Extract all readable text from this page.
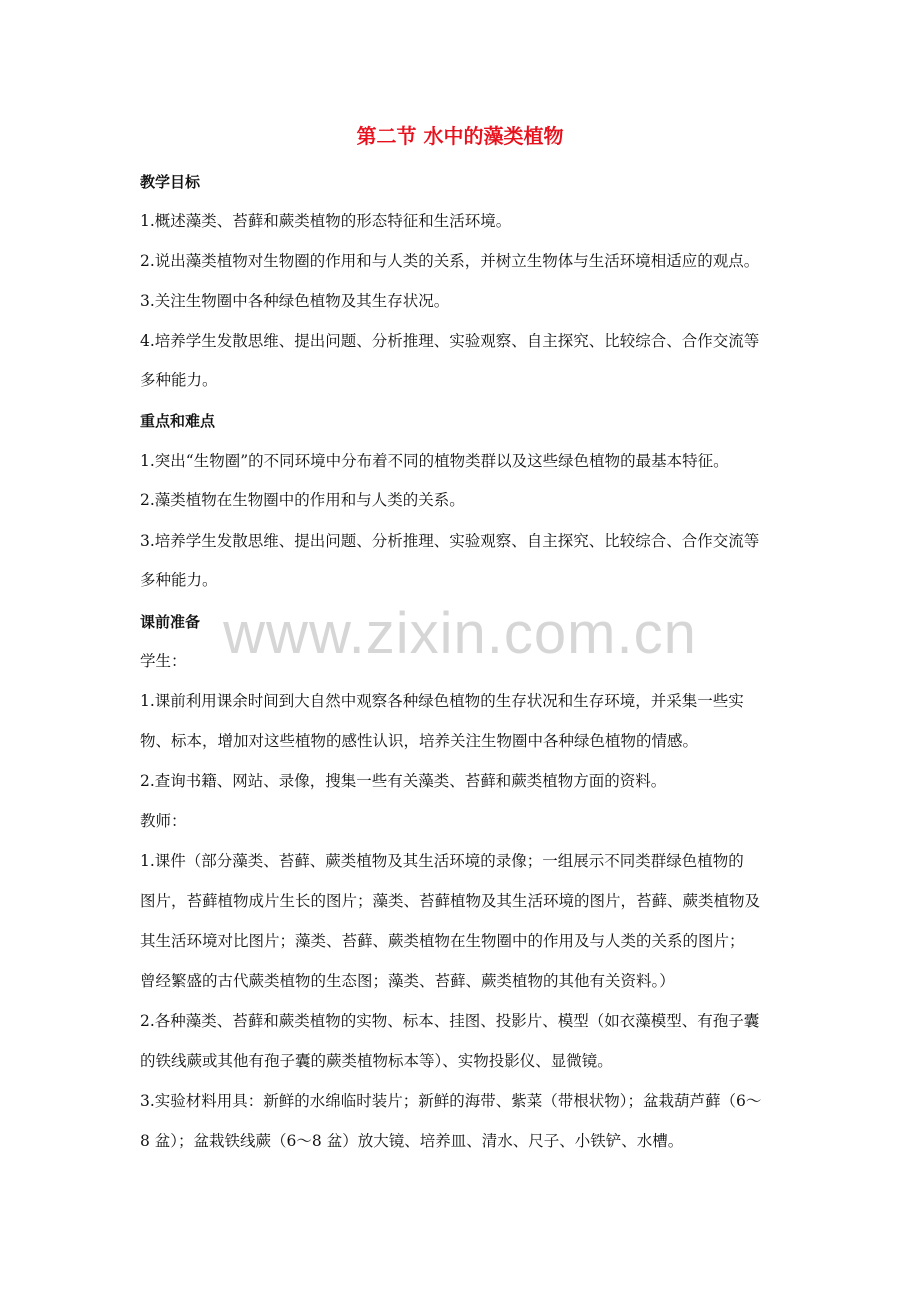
www.zixin.com.cn
第二节 水中的藻类植物
教学目标
1.概述藻类、苔藓和蕨类植物的形态特征和生活环境。
2.说出藻类植物对生物圈的作用和与人类的关系，并树立生物体与生活环境相适应的观点。
3.关注生物圈中各种绿色植物及其生存状况。
4.培养学生发散思维、提出问题、分析推理、实验观察、自主探究、比较综合、合作交流等
多种能力。
重点和难点
1.突出“生物圈”的不同环境中分布着不同的植物类群以及这些绿色植物的最基本特征。
2.藻类植物在生物圈中的作用和与人类的关系。
3.培养学生发散思维、提出问题、分析推理、实验观察、自主探究、比较综合、合作交流等
多种能力。
课前准备
学生：
1.课前利用课余时间到大自然中观察各种绿色植物的生存状况和生存环境，并采集一些实
物、标本，增加对这些植物的感性认识，培养关注生物圈中各种绿色植物的情感。
2.查询书籍、网站、录像，搜集一些有关藻类、苔藓和蕨类植物方面的资料。
教师：
1.课件（部分藻类、苔藓、蕨类植物及其生活环境的录像；一组展示不同类群绿色植物的
图片，苔藓植物成片生长的图片；藻类、苔藓植物及其生活环境的图片，苔藓、蕨类植物及
其生活环境对比图片；藻类、苔藓、蕨类植物在生物圈中的作用及与人类的关系的图片；
曾经繁盛的古代蕨类植物的生态图；藻类、苔藓、蕨类植物的其他有关资料。）
2.各种藻类、苔藓和蕨类植物的实物、标本、挂图、投影片、模型（如衣藻模型、有孢子囊
的铁线蕨或其他有孢子囊的蕨类植物标本等）、实物投影仪、显微镜。
3.实验材料用具：新鲜的水绵临时装片；新鲜的海带、紫菜（带根状物）；盆栽葫芦藓（6～
8 盆）；盆栽铁线蕨（6～8 盆）放大镜、培养皿、清水、尺子、小铁铲、水槽。
